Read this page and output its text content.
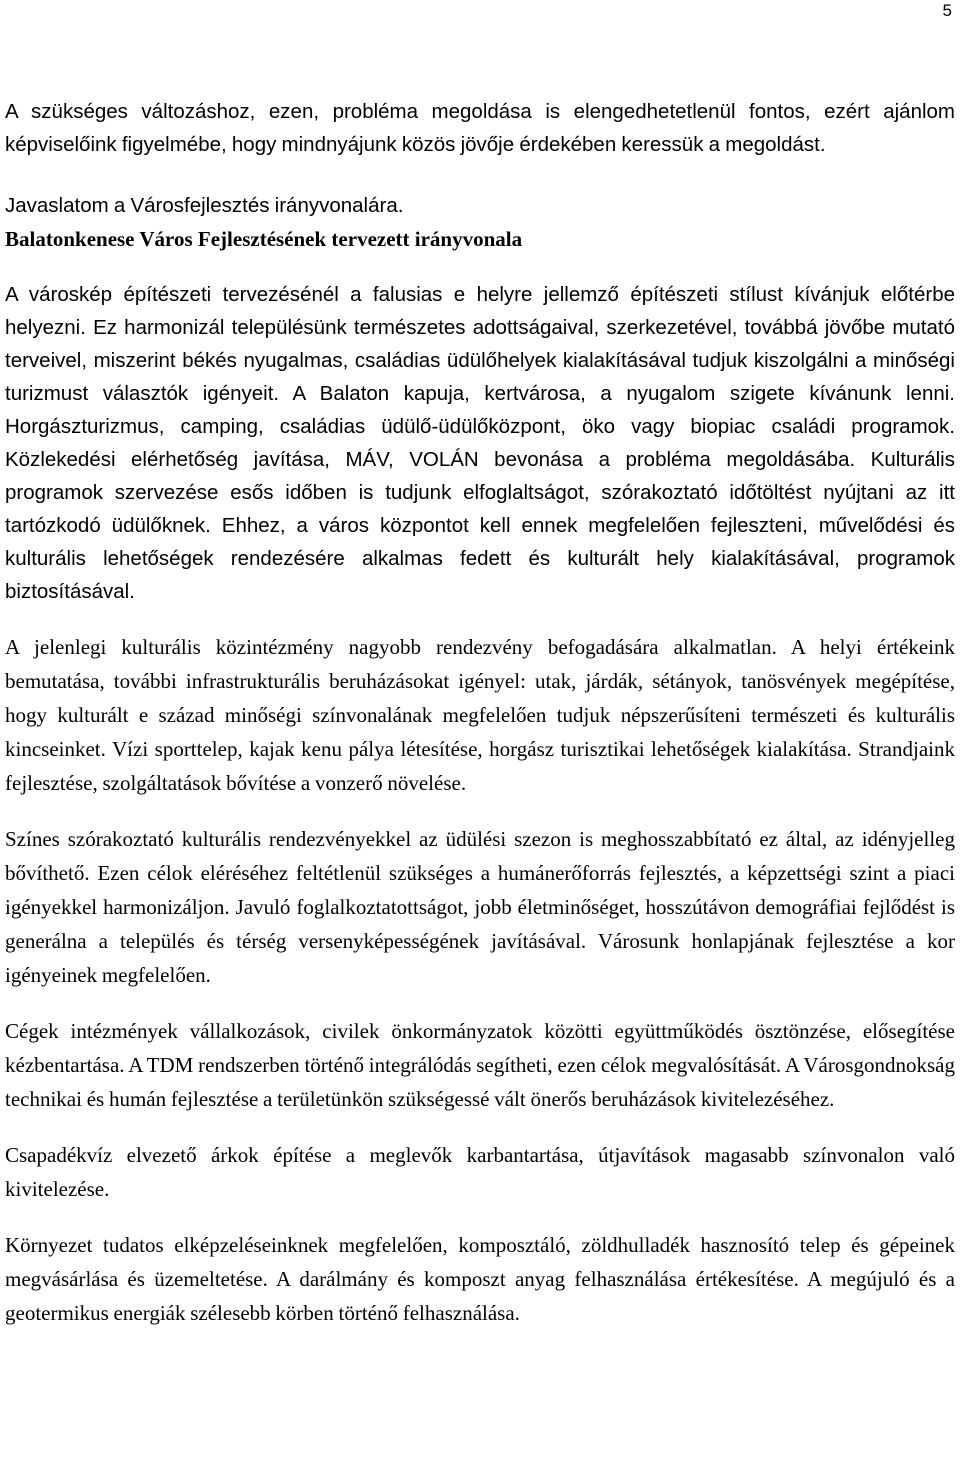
5

A szükséges változáshoz, ezen, probléma megoldása is elengedhetetlenül fontos, ezért ajánlom képviselőink figyelmébe, hogy mindnyájunk közös jövője érdekében keressük a megoldást.

Javaslatom a Városfejlesztés irányvonalára.

Balatonkenese Város Fejlesztésének tervezett irányvonala

A városkép építészeti tervezésénél a falusias e helyre jellemző építészeti stílust kívánjuk előtérbe helyezni. Ez harmonizál településünk természetes adottságaival, szerkezetével, továbbá jövőbe mutató terveivel, miszerint békés nyugalmas, családias üdülőhelyek kialakításával tudjuk kiszolgálni a minőségi turizmust választók igényeit. A Balaton kapuja, kertvárosa, a nyugalom szigete kívánunk lenni. Horgászturizmus, camping, családias üdülő-üdülőközpont, öko vagy biopiac családi programok. Közlekedési elérhetőség javítása, MÁV, VOLÁN bevonása a probléma megoldásába. Kulturális programok szervezése esős időben is tudjunk elfoglaltságot, szórakoztató időtöltést nyújtani az itt tartózkodó üdülőknek. Ehhez, a város központot kell ennek megfelelően fejleszteni, művelődési és kulturális lehetőségek rendezésére alkalmas fedett és kulturált hely kialakításával, programok biztosításával.

A jelenlegi kulturális közintézmény nagyobb rendezvény befogadására alkalmatlan. A helyi értékeink bemutatása, további infrastrukturális beruházásokat igényel: utak, járdák, sétányok, tanösvények megépítése, hogy kulturált e század minőségi színvonalának megfelelően tudjuk népszerűsíteni természeti és kulturális kincseinket. Vízi sporttelep, kajak kenu pálya létesítése, horgász turisztikai lehetőségek kialakítása. Strandjaink fejlesztése, szolgáltatások bővítése a vonzerő növelése.

Színes szórakoztató kulturális rendezvényekkel az üdülési szezon is meghosszabbítató ez által, az idényjelleg bővíthető. Ezen célok eléréséhez feltétlenül szükséges a humánerőforrás fejlesztés, a képzettségi szint a piaci igényekkel harmonizáljon. Javuló foglalkoztatottságot, jobb életminőséget, hosszútávon demográfiai fejlődést is generálna a település és térség versenyképességének javításával. Városunk honlapjának fejlesztése a kor igényeinek megfelelően.

Cégek intézmények vállalkozások, civilek önkormányzatok közötti együttműködés ösztönzése, elősegítése kézbentartása. A TDM rendszerben történő integrálódás segítheti, ezen célok megvalósítását. A Városgondnokság technikai és humán fejlesztése a területünkön szükségessé vált önerős beruházások kivitelezéséhez.

Csapadékvíz elvezető árkok építése a meglevők karbantartása, útjavítások magasabb színvonalon való kivitelezése.

Környezet tudatos elképzeléseinknek megfelelően, komposztáló, zöldhulladék hasznosító telep és gépeinek megvásárlása és üzemeltetése. A darálmány és komposzt anyag felhasználása értékesítése. A megújuló és a geotermikus energiák szélesebb körben történő felhasználása.
